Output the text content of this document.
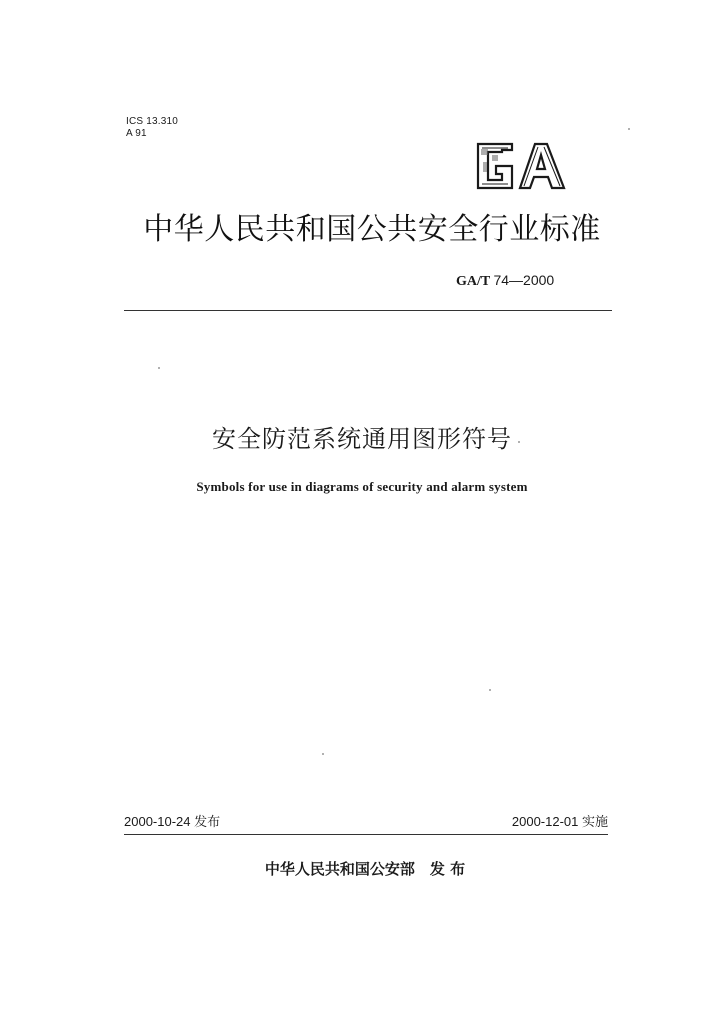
ICS 13.310
A 91
GA
中华人民共和国公共安全行业标准
GA/T 74—2000
安全防范系统通用图形符号
Symbols for use in diagrams of security and alarm system
2000-10-24 发布	2000-12-01 实施
中华人民共和国公安部　发 布
